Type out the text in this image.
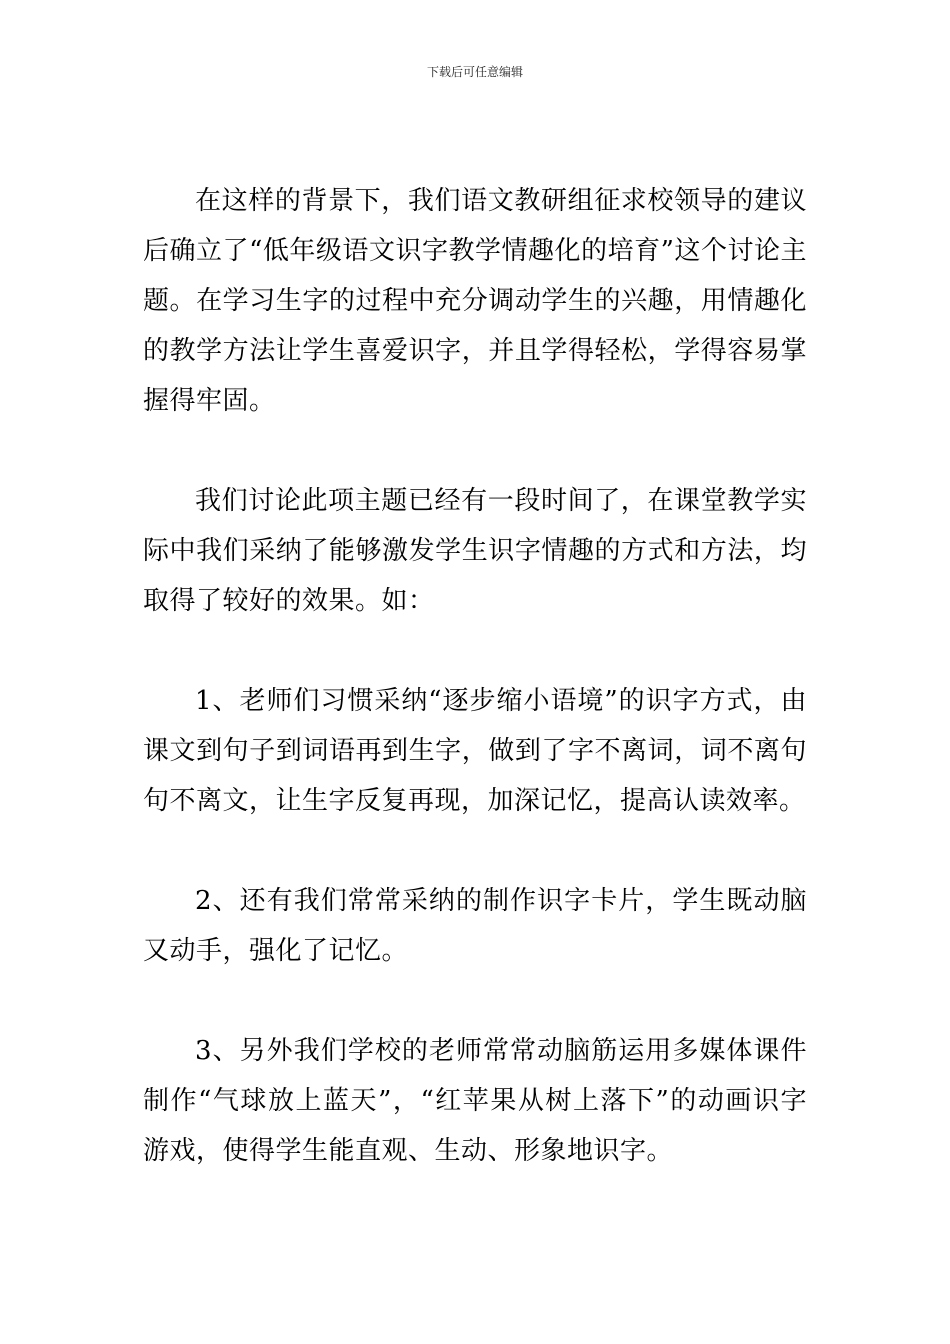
下载后可任意编辑

在这样的背景下，我们语文教研组征求校领导的建议后确立了“低年级语文识字教学情趣化的培育”这个讨论主题。在学习生字的过程中充分调动学生的兴趣，用情趣化的教学方法让学生喜爱识字，并且学得轻松，学得容易掌握得牢固。

我们讨论此项主题已经有一段时间了，在课堂教学实际中我们采纳了能够激发学生识字情趣的方式和方法，均取得了较好的效果。如：

1、老师们习惯采纳“逐步缩小语境”的识字方式，由课文到句子到词语再到生字，做到了字不离词，词不离句句不离文，让生字反复再现，加深记忆，提高认读效率。

2、还有我们常常采纳的制作识字卡片，学生既动脑又动手，强化了记忆。

3、另外我们学校的老师常常动脑筋运用多媒体课件制作“气球放上蓝天”，“红苹果从树上落下”的动画识字游戏，使得学生能直观、生动、形象地识字。
